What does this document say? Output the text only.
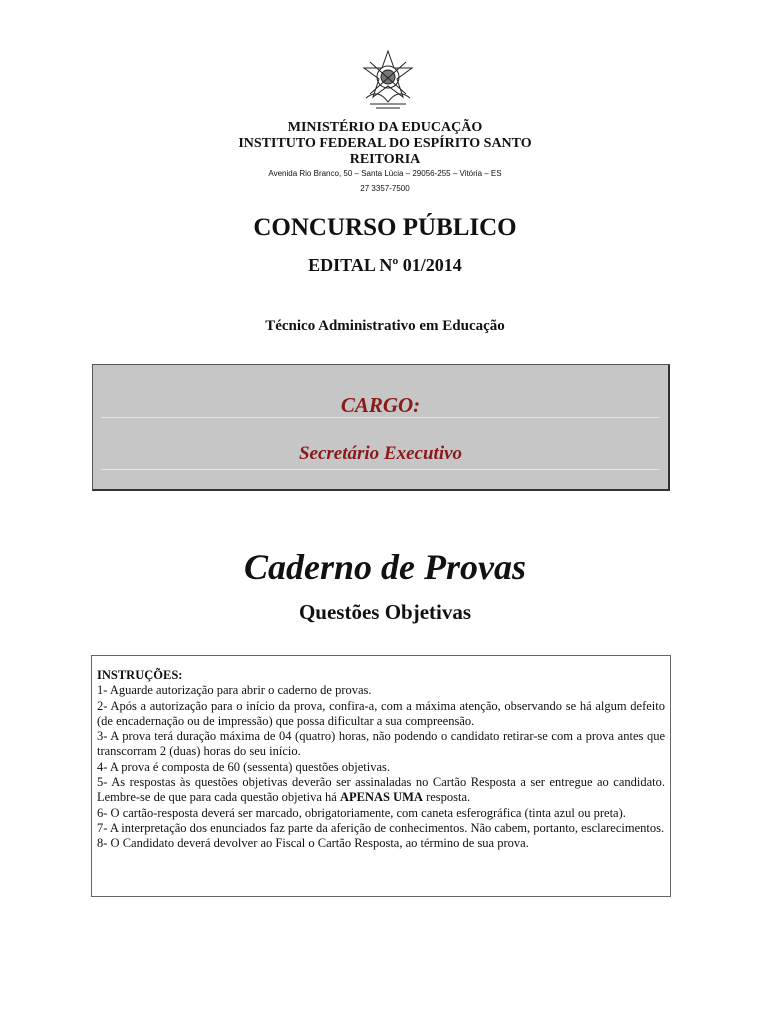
MINISTÉRIO DA EDUCAÇÃO
INSTITUTO FEDERAL DO ESPÍRITO SANTO
REITORIA
Avenida Rio Branco, 50 – Santa Lúcia – 29056-255 – Vitória – ES
27 3357-7500
CONCURSO PÚBLICO
EDITAL Nº 01/2014
Técnico Administrativo em Educação
CARGO:
Secretário Executivo
Caderno de Provas
Questões Objetivas
INSTRUÇÕES:
1- Aguarde autorização para abrir o caderno de provas.
2- Após a autorização para o início da prova, confira-a, com a máxima atenção, observando se há algum defeito (de encadernação ou de impressão) que possa dificultar a sua compreensão.
3- A prova terá duração máxima de 04 (quatro) horas, não podendo o candidato retirar-se com a prova antes que transcorram 2 (duas) horas do seu início.
4- A prova é composta de 60 (sessenta) questões objetivas.
5- As respostas às questões objetivas deverão ser assinaladas no Cartão Resposta a ser entregue ao candidato. Lembre-se de que para cada questão objetiva há APENAS UMA resposta.
6- O cartão-resposta deverá ser marcado, obrigatoriamente, com caneta esferográfica (tinta azul ou preta).
7- A interpretação dos enunciados faz parte da aferição de conhecimentos. Não cabem, portanto, esclarecimentos.
8- O Candidato deverá devolver ao Fiscal o Cartão Resposta, ao término de sua prova.
